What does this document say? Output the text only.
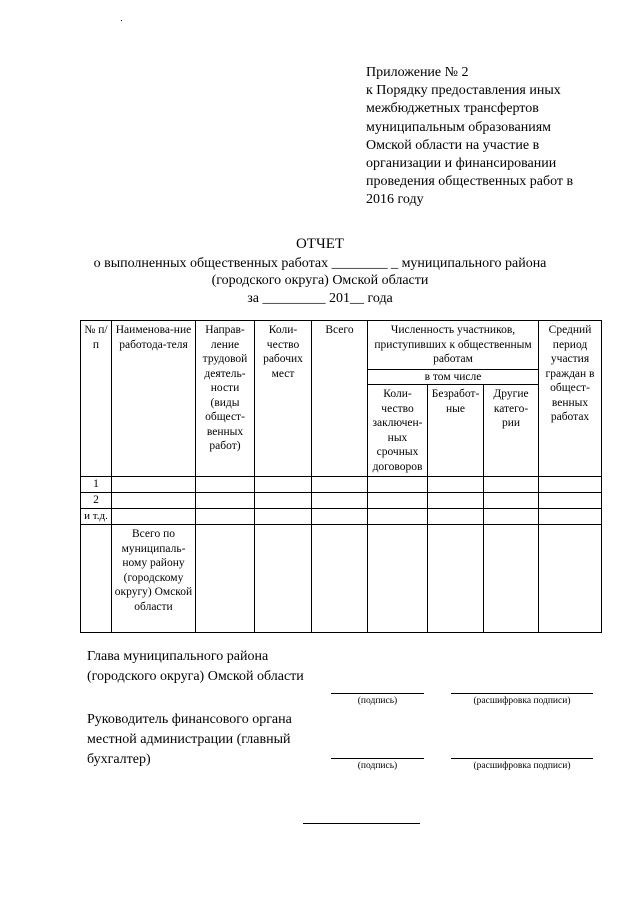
Приложение № 2
к Порядку предоставления иных
межбюджетных трансфертов
муниципальным образованиям
Омской области на участие в
организации и финансировании
проведения общественных работ в
2016 году
ОТЧЕТ
о выполненных общественных работах ________ _ муниципального района
(городского округа) Омской области
за _________ 201__ года
№ п/п	Наименова-ние работода-теля	Направ-ление трудовой деятель-ности (виды общест-венных работ)	Коли-чество рабочих мест	Всего	Численность участников, приступивших к общественным работам			Средний период участия граждан в общест-венных работах
					в том числе			
					Коли-чество заключен-ных срочных договоров	Безработ-ные	Другие катего-рии	
1								
2								
и т.д.								
	Всего по муниципаль-ному району (городскому округу) Омской области							
Глава муниципального района (городского округа) Омской области
(подпись)	(расшифровка подписи)
Руководитель финансового органа местной администрации (главный бухгалтер)	(подпись)	(расшифровка подписи)
